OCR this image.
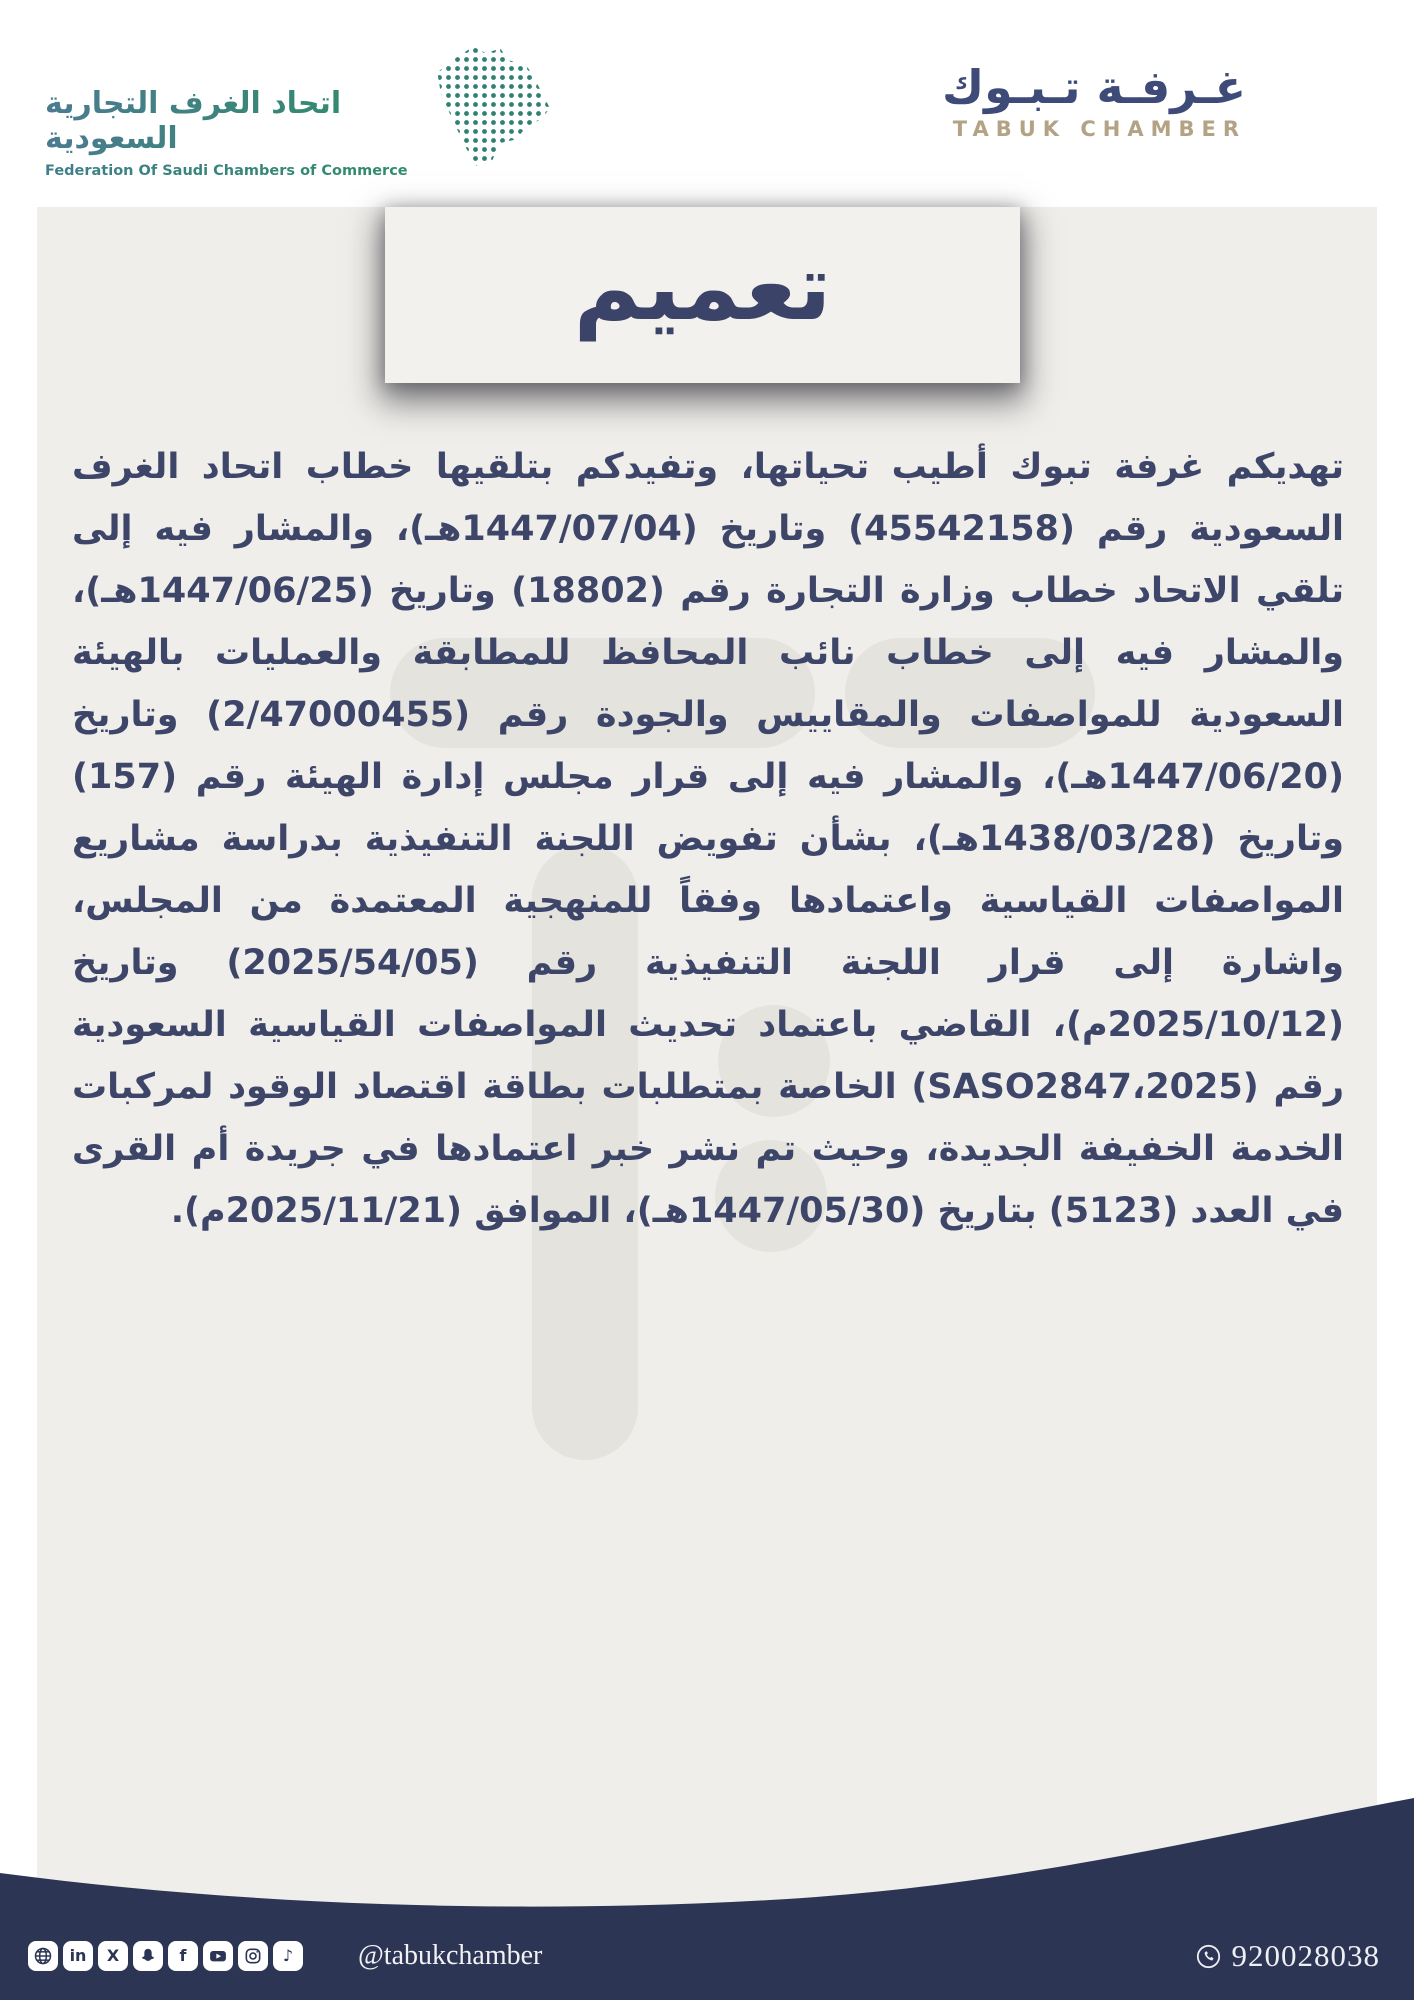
اتحاد الغرف التجارية السعودية
Federation Of Saudi Chambers of Commerce
غـرفـة تـبـوك
TABUK CHAMBER
تعميم
تهديكم غرفة تبوك أطيب تحياتها، وتفيدكم بتلقيها خطاب اتحاد الغرف السعودية رقم (45542158) وتاريخ (1447/07/04هـ)، والمشار فيه إلى تلقي الاتحاد خطاب وزارة التجارة رقم (18802) وتاريخ (1447/06/25هـ)، والمشار فيه إلى خطاب نائب المحافظ للمطابقة والعمليات بالهيئة السعودية للمواصفات والمقاييس والجودة رقم (2/47000455) وتاريخ (1447/06/20هـ)، والمشار فيه إلى قرار مجلس إدارة الهيئة رقم (157) وتاريخ (1438/03/28هـ)، بشأن تفويض اللجنة التنفيذية بدراسة مشاريع المواصفات القياسية واعتمادها وفقاً للمنهجية المعتمدة من المجلس، واشارة إلى قرار اللجنة التنفيذية رقم (2025/54/05) وتاريخ (2025/10/12م)، القاضي باعتماد تحديث المواصفات القياسية السعودية رقم (SASO2847،2025) الخاصة بمتطلبات بطاقة اقتصاد الوقود لمركبات الخدمة الخفيفة الجديدة، وحيث تم نشر خبر اعتمادها في جريدة أم القرى في العدد (5123) بتاريخ (1447/05/30هـ)، الموافق (2025/11/21م).
in	X	f	♪	@tabukchamber	920028038
